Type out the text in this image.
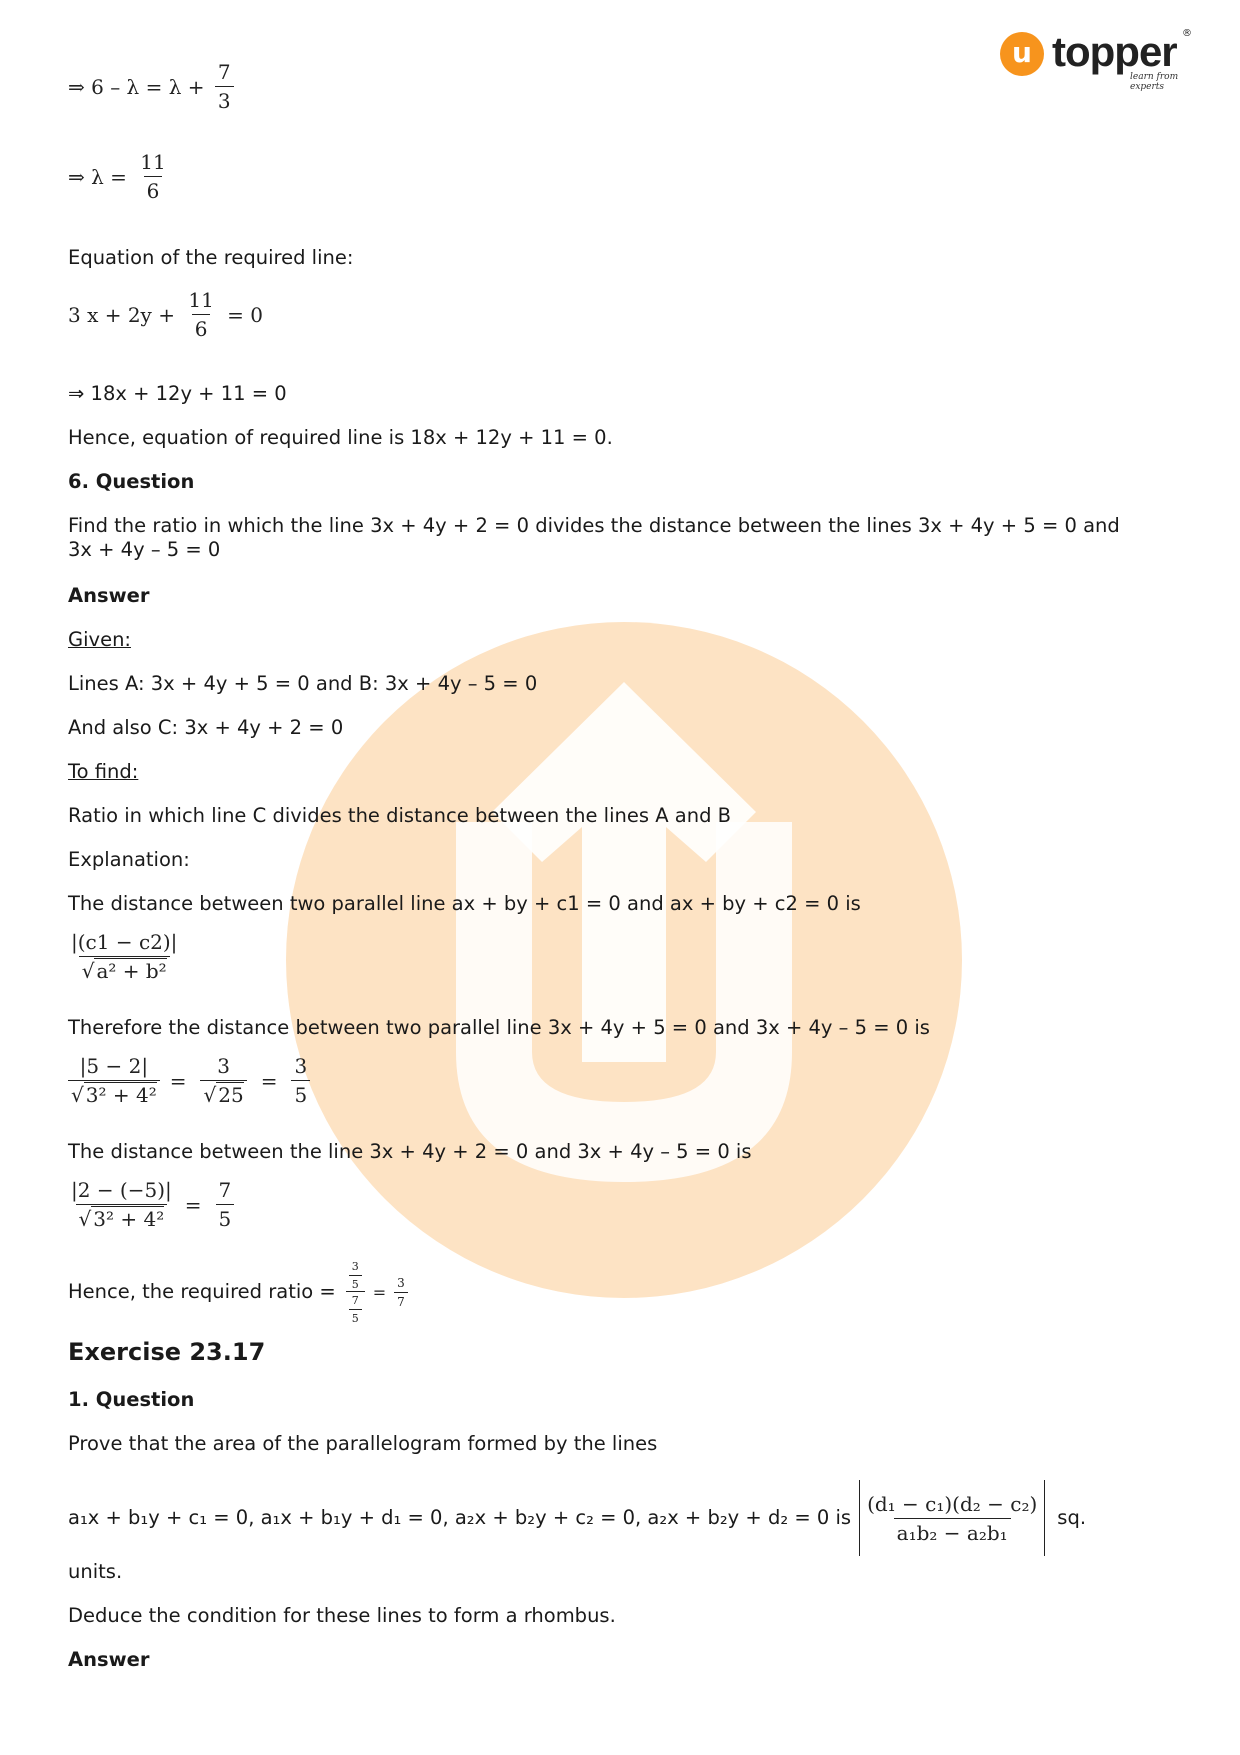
u topper
learn from experts
®
⇒ $6 - \lambda = \lambda + \frac{7}{3}$
⇒ $\lambda = \frac{11}{6}$
Equation of the required line:
3 $x + 2y + \frac{11}{6} = 0$
⇒ 18x + 12y + 11 = 0
Hence, equation of required line is 18x + 12y + 11 = 0.
6. Question
Find the ratio in which the line 3x + 4y + 2 = 0 divides the distance between the lines 3x + 4y + 5 = 0 and
3x + 4y – 5 = 0
Answer
Given:
Lines A: 3x + 4y + 5 = 0 and B: 3x + 4y – 5 = 0
And also C: 3x + 4y + 2 = 0
To find:
Ratio in which line C divides the distance between the lines A and B
Explanation:
The distance between two parallel line ax + by + c1 = 0 and ax + by + c2 = 0 is
$\frac{|(c1 - c2)|}{\text{√ a² + b²}}$
Therefore the distance between two parallel line 3x + 4y + 5 = 0 and 3x + 4y – 5 = 0 is
$\frac{|5 - 2|}{\text{√ 3² + 4²}} = \frac{3}{√ 25} = \frac{3}{5}$
The distance between the line 3x + 4y + 2 = 0 and 3x + 4y – 5 = 0 is
$\frac{|2 - (-5)|}{\text{√ 3² + 4²}} = \frac{7}{5}$
Hence, the required ratio = $\frac{\frac{3}{5}}{\frac{7}{5}} = \frac{3}{7}$
Exercise 23.17
1. Question
Prove that the area of the parallelogram formed by the lines
a₁x + b₁y + c₁ = 0, a₁x + b₁y + d₁ = 0, a₂x + b₂y + c₂ = 0, a₂x + b₂y + d₂ = 0 is $\frac{\text{(d₁ − c₁)(d₂ − c₂)}}{\text{a₁b₂ − a₂b₁}}$ sq.
units.
Deduce the condition for these lines to form a rhombus.
Answer
